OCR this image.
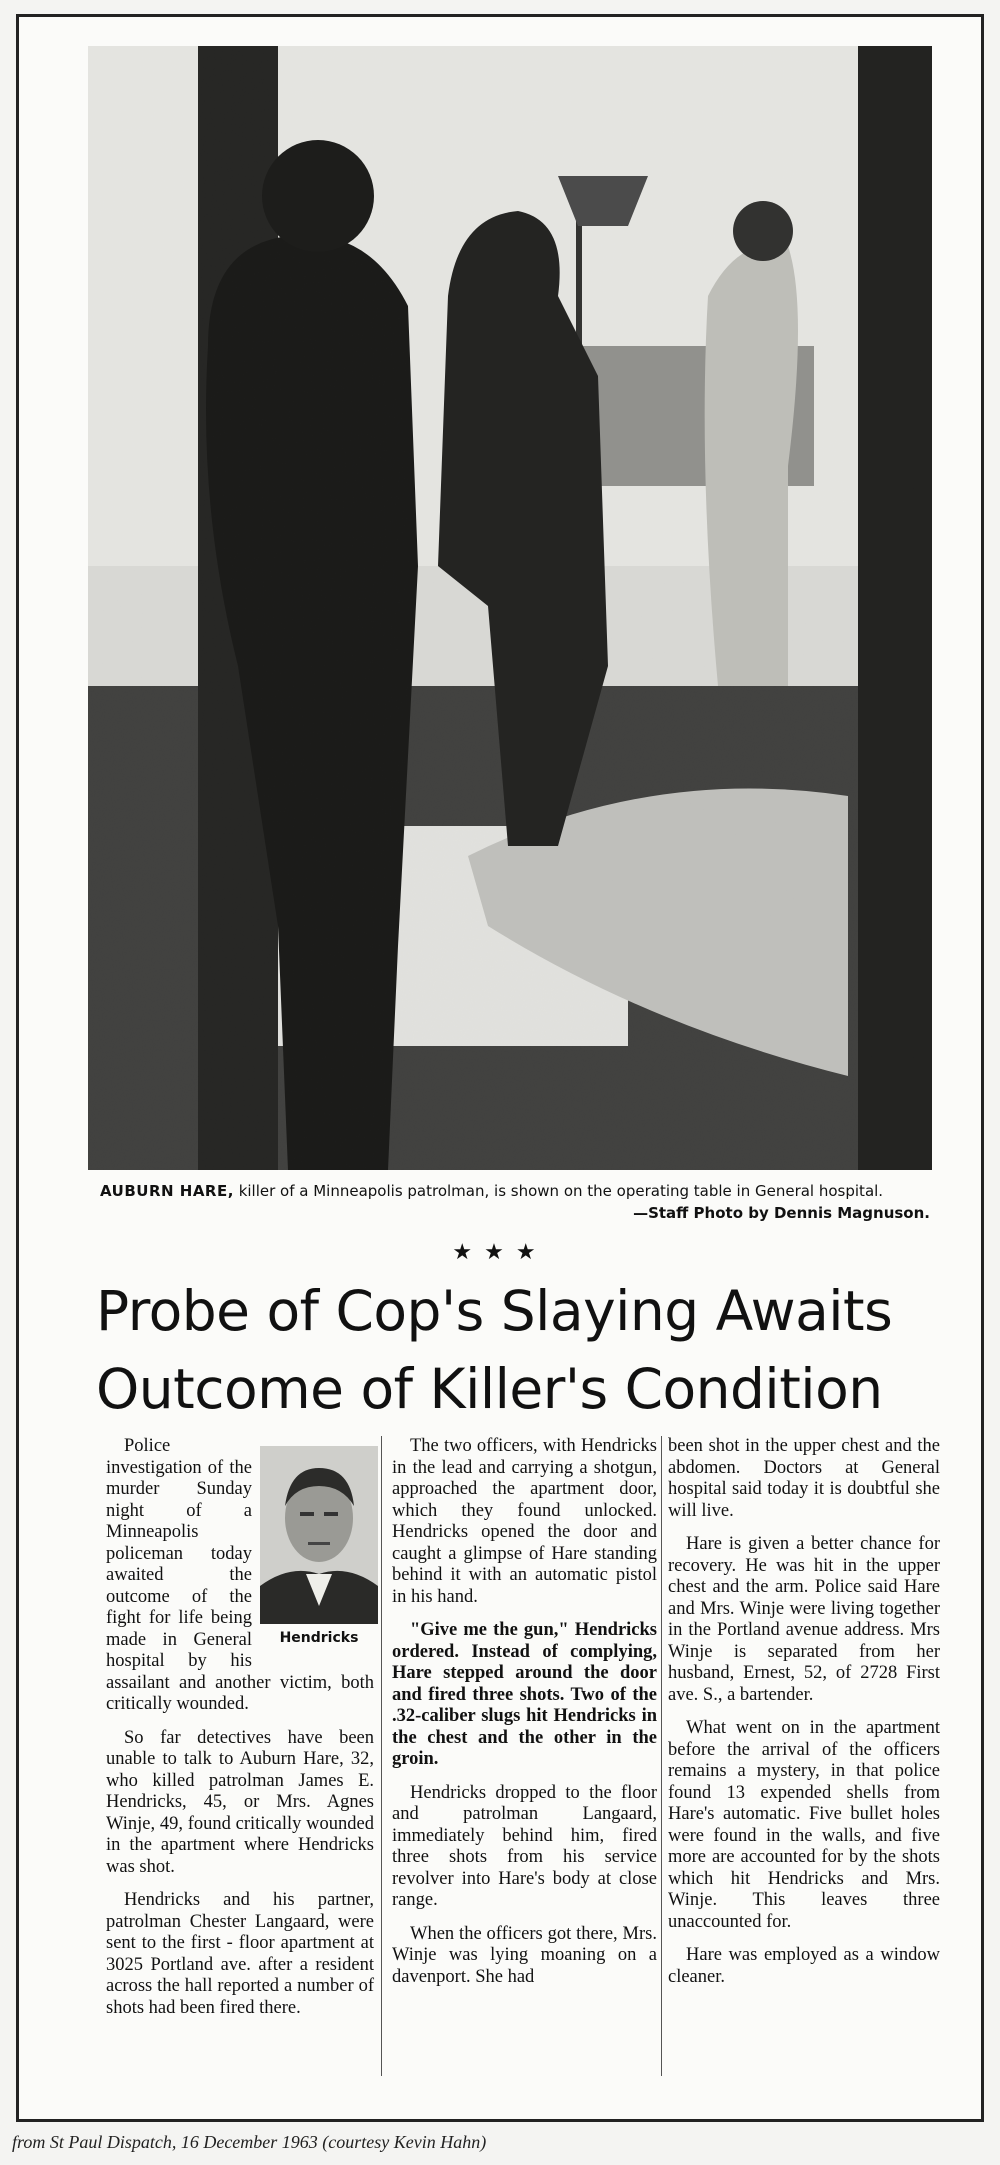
AUBURN HARE, killer of a Minneapolis patrolman, is shown on the operating table in General hospital.
—Staff Photo by Dennis Magnuson.
★★★
Probe of Cop's Slaying Awaits
Outcome of Killer's Condition
Hendricks

Police investigation of the murder Sunday night of a Minneapolis policeman today awaited the outcome of the fight for life being made in General hospital by his assailant and another victim, both critically wounded.

So far detectives have been unable to talk to Auburn Hare, 32, who killed patrolman James E. Hendricks, 45, or Mrs. Agnes Winje, 49, found critically wounded in the apartment where Hendricks was shot.

Hendricks and his partner, patrolman Chester Langaard, were sent to the first - floor apartment at 3025 Portland ave. after a resident across the hall reported a number of shots had been fired there.

The two officers, with Hendricks in the lead and carrying a shotgun, approached the apartment door, which they found unlocked. Hendricks opened the door and caught a glimpse of Hare standing behind it with an automatic pistol in his hand.

"Give me the gun," Hendricks ordered. Instead of complying, Hare stepped around the door and fired three shots. Two of the .32-caliber slugs hit Hendricks in the chest and the other in the groin.

Hendricks dropped to the floor and patrolman Langaard, immediately behind him, fired three shots from his service revolver into Hare's body at close range.

When the officers got there, Mrs. Winje was lying moaning on a davenport. She had

been shot in the upper chest and the abdomen. Doctors at General hospital said today it is doubtful she will live.

Hare is given a better chance for recovery. He was hit in the upper chest and the arm. Police said Hare and Mrs. Winje were living together in the Portland avenue address. Mrs Winje is separated from her husband, Ernest, 52, of 2728 First ave. S., a bartender.

What went on in the apartment before the arrival of the officers remains a mystery, in that police found 13 expended shells from Hare's automatic. Five bullet holes were found in the walls, and five more are accounted for by the shots which hit Hendricks and Mrs. Winje. This leaves three unaccounted for.

Hare was employed as a window cleaner.

from St Paul Dispatch, 16 December 1963 (courtesy Kevin Hahn)
